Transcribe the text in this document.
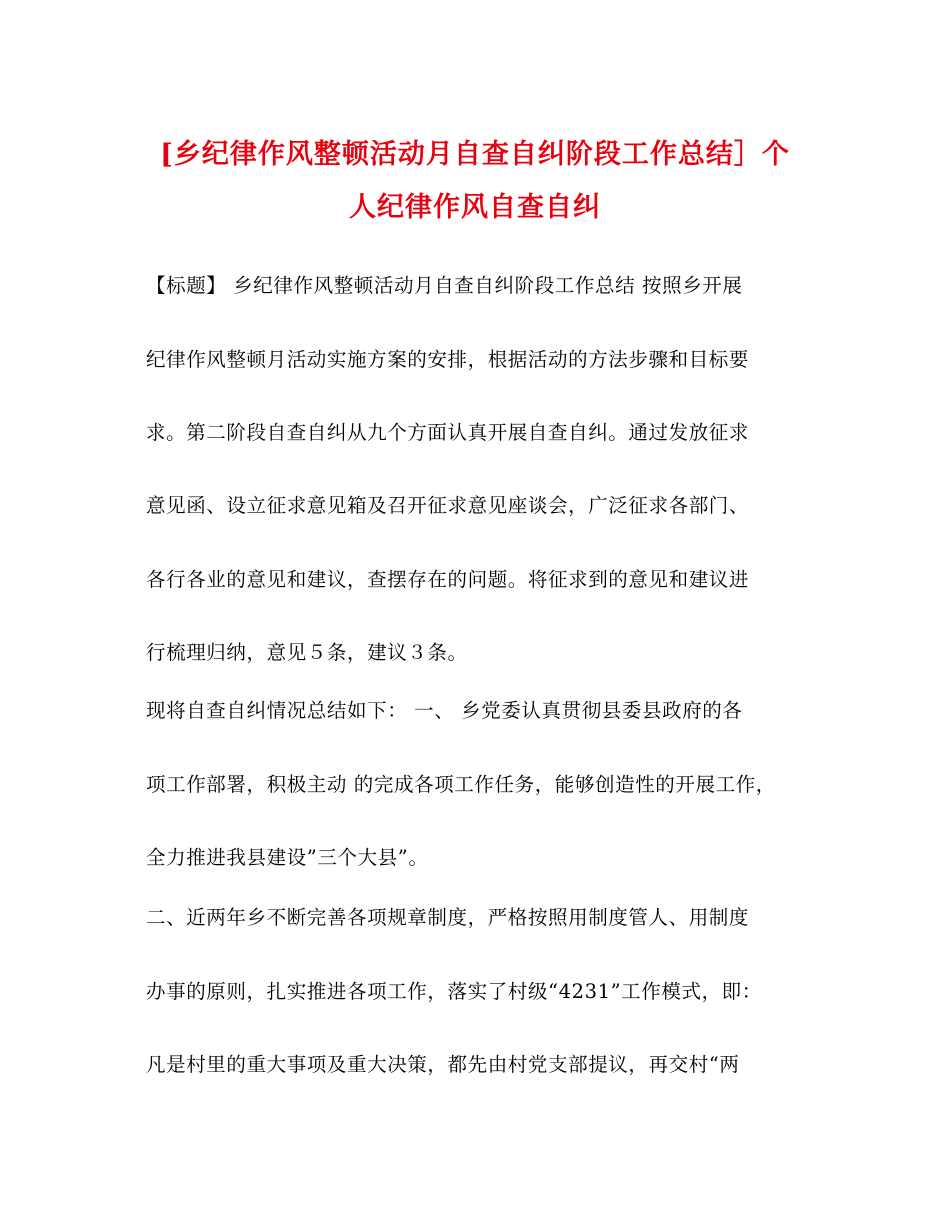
[乡纪律作风整顿活动月自查自纠阶段工作总结］个
人纪律作风自查自纠
【标题】 乡纪律作风整顿活动月自查自纠阶段工作总结 按照乡开展
纪律作风整顿月活动实施方案的安排，根据活动的方法步骤和目标要
求。第二阶段自查自纠从九个方面认真开展自查自纠。通过发放征求
意见函、设立征求意见箱及召开征求意见座谈会，广泛征求各部门、
各行各业的意见和建议，查摆存在的问题。将征求到的意见和建议进
行梳理归纳，意见５条，建议３条。
现将自查自纠情况总结如下： 一、 乡党委认真贯彻县委县政府的各
项工作部署，积极主动 的完成各项工作任务，能够创造性的开展工作，
全力推进我县建设”三个大县”。
二、近两年乡不断完善各项规章制度，严格按照用制度管人、用制度
办事的原则，扎实推进各项工作，落实了村级“4231”工作模式，即：
凡是村里的重大事项及重大决策，都先由村党支部提议，再交村“两
